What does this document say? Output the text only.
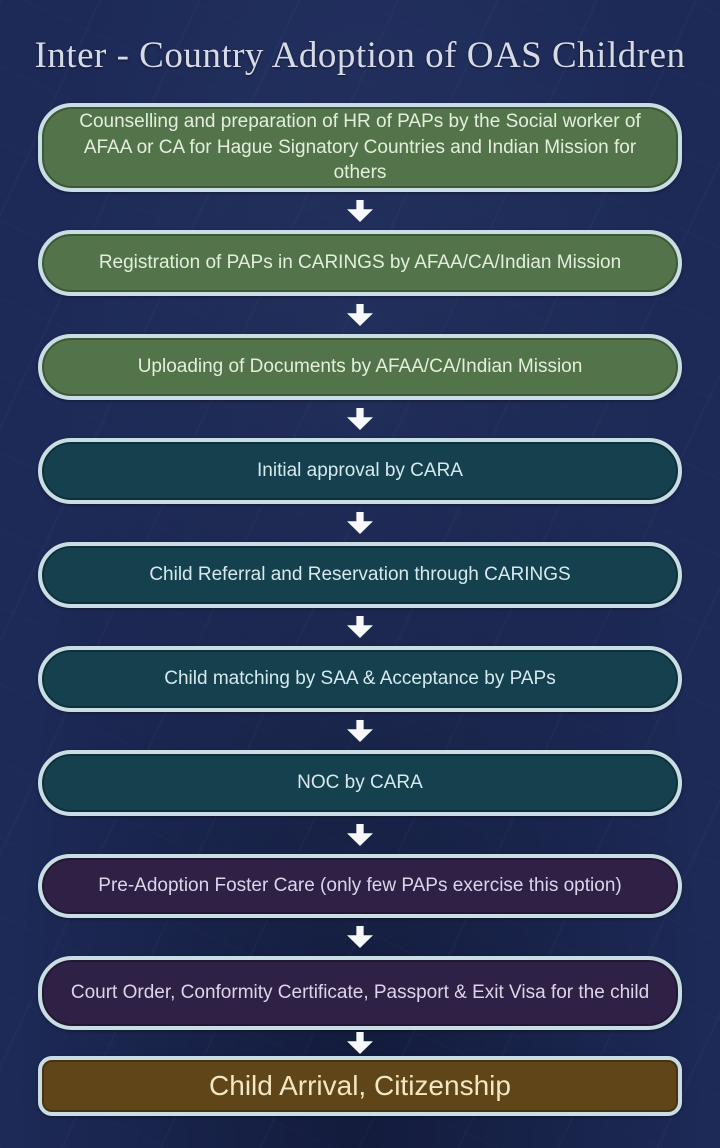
Inter - Country Adoption of OAS Children
Counselling and preparation of HR of PAPs by the Social worker of AFAA or CA for Hague Signatory Countries and Indian Mission for others
Registration of PAPs in CARINGS by AFAA/CA/Indian Mission
Uploading of Documents by AFAA/CA/Indian Mission
Initial approval by CARA
Child Referral and Reservation through CARINGS
Child matching by SAA & Acceptance by PAPs
NOC by CARA
Pre-Adoption Foster Care (only few PAPs exercise this option)
Court Order, Conformity Certificate, Passport & Exit Visa for the child
Child Arrival, Citizenship
